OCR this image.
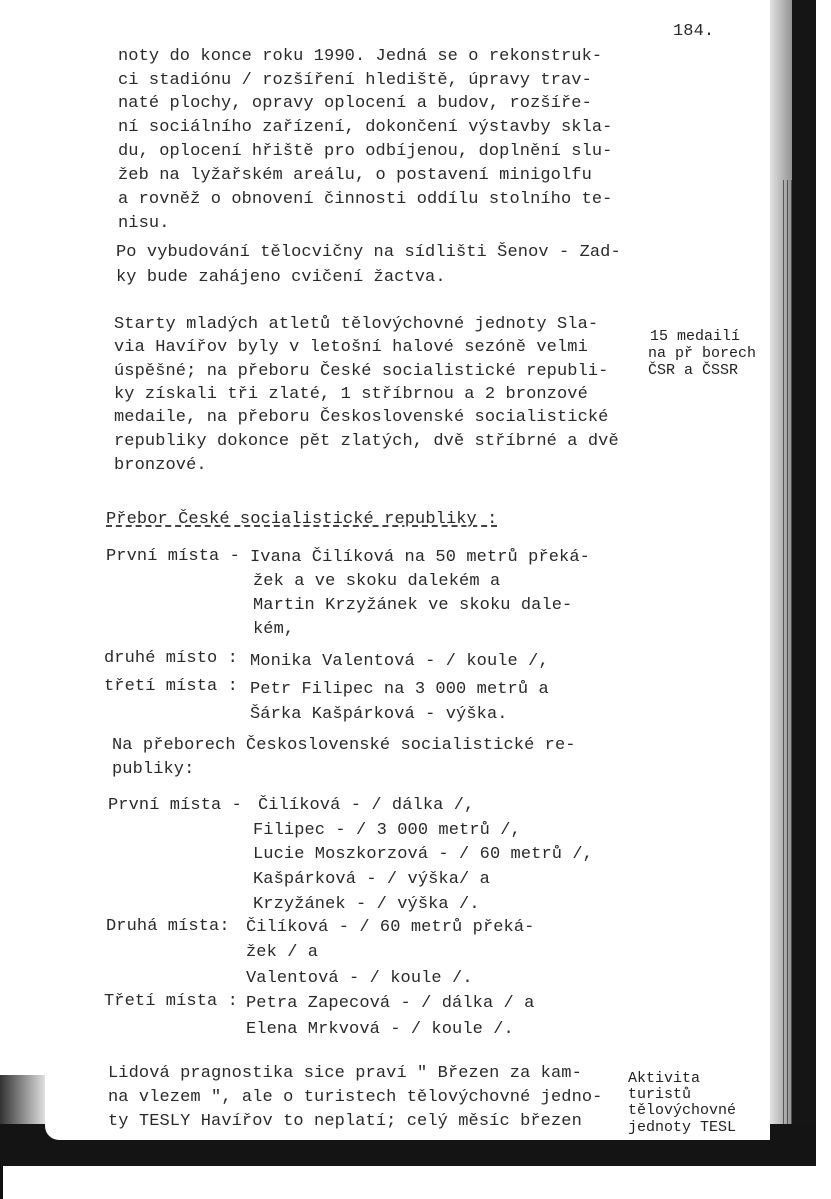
184.
noty do konce roku 1990. Jedná se o rekonstruk-
ci stadiónu / rozšíření hlediště, úpravy trav-
naté plochy, opravy oplocení a budov, rozšíře-
ní sociálního zařízení, dokončení výstavby skla-
du, oplocení hřiště pro odbíjenou, doplnění slu-
žeb na lyžařském areálu, o postavení minigolfu
a rovněž o obnovení činnosti oddílu stolního te-
nisu.
Po vybudování tělocvičny na sídlišti Šenov - Zad-
ky bude zahájeno cvičení žactva.
Starty mladých atletů tělovýchovné jednoty Sla-
via Havířov byly v letošní halové sezóně velmi
úspěšné; na přeboru České socialistické republi-
ky získali tři zlaté, 1 stříbrnou a 2 bronzové
medaile, na přeboru Československé socialistické
republiky dokonce pět zlatých, dvě stříbrné a dvě
bronzové.
15 medailí
na př borech
ČSR a ČSSR
Přebor České socialistické republiky :
První místa - Ivana Čilíková na 50 metrů překá-
žek a ve skoku dalekém a
Martin Krzyžánek ve skoku dale-
kém,
druhé místo : Monika Valentová - / koule /,
třetí místa : Petr Filipec na 3 000 metrů a
Šárka Kašpárková - výška.
Na přeborech Československé socialistické re-
publiky:
První místa - Čilíková - / dálka /,
Filipec - / 3 000 metrů /,
Lucie Moszkorzová - / 60 metrů /,
Kašpárková - / výška/ a
Krzyžánek - / výška /.
Druhá místa: Čilíková - / 60 metrů překá-
žek / a
Valentová - / koule /.
Třetí místa : Petra Zapecová - / dálka / a
Elena Mrkvová - / koule /.
Lidová pragnostika sice praví " Březen za kam-
na vlezem ", ale o turistech tělovýchovné jedno-
ty TESLY Havířov to neplatí; celý měsíc březen
Aktivita
turistů
tělovýchovné
jednoty TESL
